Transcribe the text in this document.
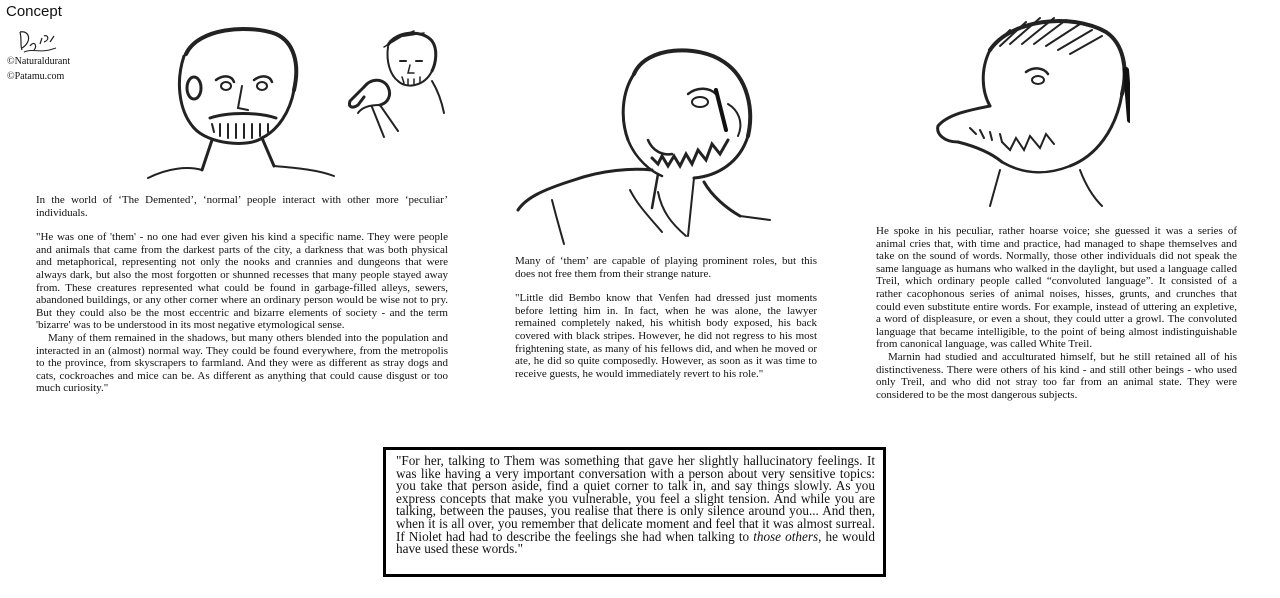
Concept
©Naturaldurant
©Patamu.com

In the world of ‘The Demented’, ‘normal’ people interact with other more ‘peculiar’ individuals.

"He was one of 'them' - no one had ever given his kind a specific name. They were people and animals that came from the darkest parts of the city, a darkness that was both physical and metaphorical, representing not only the nooks and crannies and dungeons that were always dark, but also the most forgotten or shunned recesses that many people stayed away from. These creatures represented what could be found in garbage-filled alleys, sewers, abandoned buildings, or any other corner where an ordinary person would be wise not to pry. But they could also be the most eccentric and bizarre elements of society - and the term 'bizarre' was to be understood in its most negative etymological sense.

Many of them remained in the shadows, but many others blended into the population and interacted in an (almost) normal way. They could be found everywhere, from the metropolis to the province, from skyscrapers to farmland. And they were as different as stray dogs and cats, cockroaches and mice can be. As different as anything that could cause disgust or too much curiosity."

Many of ‘them’ are capable of playing prominent roles, but this does not free them from their strange nature.

"Little did Bembo know that Venfen had dressed just moments before letting him in. In fact, when he was alone, the lawyer remained completely naked, his whitish body exposed, his back covered with black stripes. However, he did not regress to his most frightening state, as many of his fellows did, and when he moved or ate, he did so quite composedly. However, as soon as it was time to receive guests, he would immediately revert to his role."

He spoke in his peculiar, rather hoarse voice; she guessed it was a series of animal cries that, with time and practice, had managed to shape themselves and take on the sound of words. Normally, those other individuals did not speak the same language as humans who walked in the daylight, but used a language called Treil, which ordinary people called “convoluted language”. It consisted of a rather cacophonous series of animal noises, hisses, grunts, and crunches that could even substitute entire words. For example, instead of uttering an expletive, a word of displeasure, or even a shout, they could utter a growl. The convoluted language that became intelligible, to the point of being almost indistinguishable from canonical language, was called White Treil.

Marnin had studied and acculturated himself, but he still retained all of his distinctiveness. There were others of his kind - and still other beings - who used only Treil, and who did not stray too far from an animal state. They were considered to be the most dangerous subjects.

"For her, talking to Them was something that gave her slightly hallucinatory feelings. It was like having a very important conversation with a person about very sensitive topics: you take that person aside, find a quiet corner to talk in, and say things slowly. As you express concepts that make you vulnerable, you feel a slight tension. And while you are talking, between the pauses, you realise that there is only silence around you... And then, when it is all over, you remember that delicate moment and feel that it was almost surreal. If Niolet had had to describe the feelings she had when talking to those others, he would have used these words."
